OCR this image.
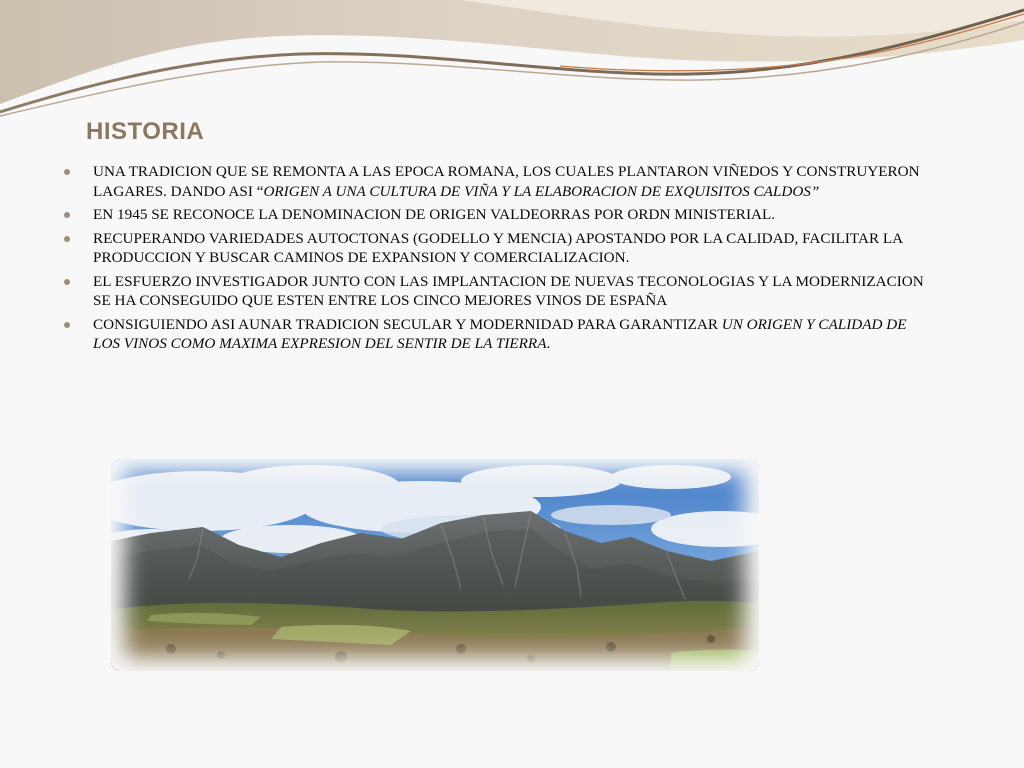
HISTORIA
UNA TRADICION QUE SE REMONTA A LAS EPOCA ROMANA, LOS CUALES PLANTARON VIÑEDOS Y CONSTRUYERON LAGARES. DANDO ASI “ORIGEN A UNA CULTURA DE VIÑA Y LA ELABORACION DE EXQUISITOS CALDOS”
EN 1945 SE RECONOCE LA DENOMINACION DE ORIGEN VALDEORRAS POR ORDN MINISTERIAL.
RECUPERANDO VARIEDADES AUTOCTONAS (GODELLO Y MENCIA) APOSTANDO POR LA CALIDAD, FACILITAR LA PRODUCCION Y BUSCAR CAMINOS DE EXPANSION Y COMERCIALIZACION.
EL ESFUERZO INVESTIGADOR JUNTO CON LAS IMPLANTACION DE NUEVAS TECONOLOGIAS Y LA MODERNIZACION SE HA CONSEGUIDO QUE ESTEN ENTRE LOS CINCO MEJORES VINOS DE ESPAÑA
CONSIGUIENDO ASI AUNAR TRADICION SECULAR Y MODERNIDAD PARA GARANTIZAR UN ORIGEN Y CALIDAD DE LOS VINOS COMO MAXIMA EXPRESION DEL SENTIR DE LA TIERRA.
